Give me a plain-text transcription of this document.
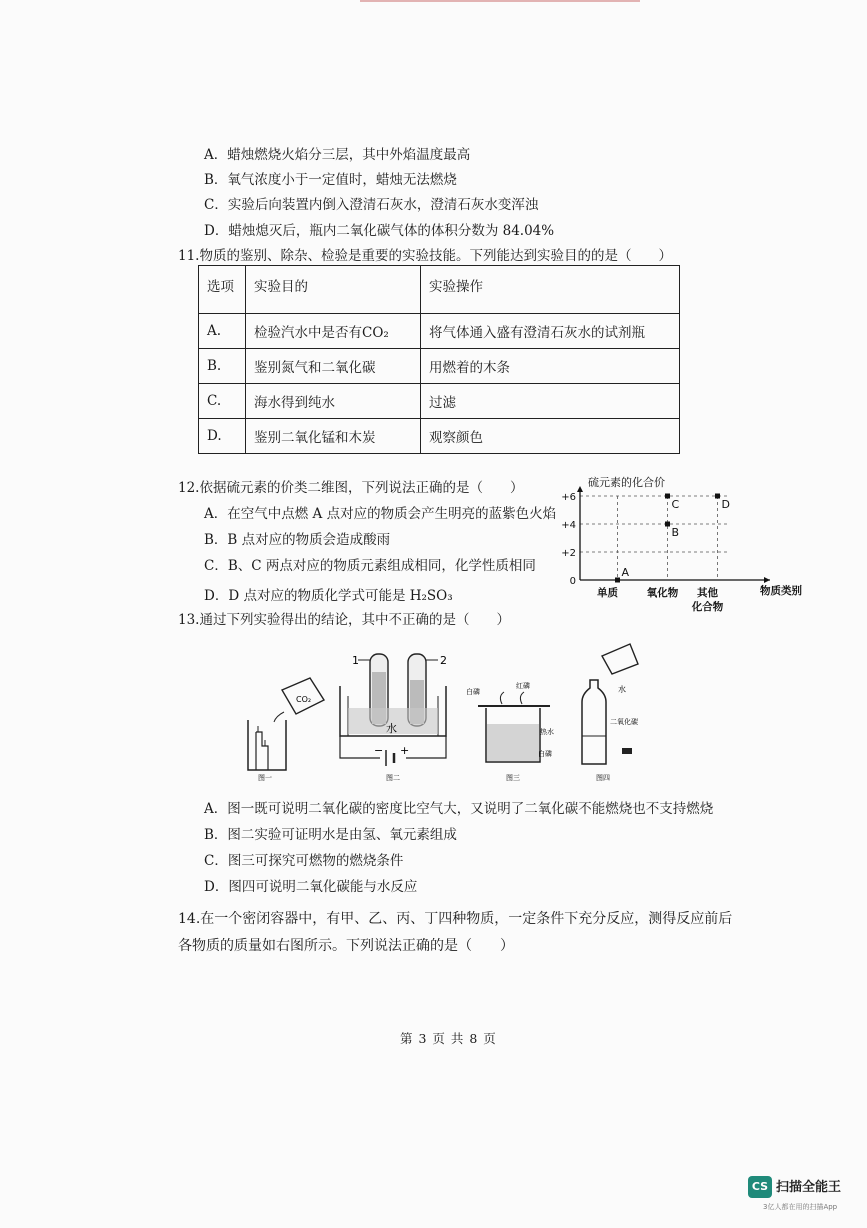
A．蜡烛燃烧火焰分三层，其中外焰温度最高
B．氧气浓度小于一定值时，蜡烛无法燃烧
C．实验后向装置内倒入澄清石灰水，澄清石灰水变浑浊
D．蜡烛熄灭后，瓶内二氧化碳气体的体积分数为 84.04%
11.物质的鉴别、除杂、检验是重要的实验技能。下列能达到实验目的的是（　　）
选项	实验目的	实验操作
A.	检验汽水中是否有CO₂	将气体通入盛有澄清石灰水的试剂瓶
B.	鉴别氮气和二氧化碳	用燃着的木条
C.	海水得到纯水	过滤
D.	鉴别二氧化锰和木炭	观察颜色
12.依据硫元素的价类二维图，下列说法正确的是（　　）
A．在空气中点燃 A 点对应的物质会产生明亮的蓝紫色火焰
B．B 点对应的物质会造成酸雨
C．B、C 两点对应的物质元素组成相同，化学性质相同
D．D 点对应的物质化学式可能是 H₂SO₃
硫元素的化合价
0
+2
+4
+6
单质	氧化物 其他
化合物
物质类别
A
B
C	D
13.通过下列实验得出的结论，其中不正确的是（　　）
CO₂
图一
水
1	2
− +
图二
白磷
红磷
热水
白磷
图三
水
二氧化碳
图四
A．图一既可说明二氧化碳的密度比空气大，又说明了二氧化碳不能燃烧也不支持燃烧
B．图二实验可证明水是由氢、氧元素组成
C．图三可探究可燃物的燃烧条件
D．图四可说明二氧化碳能与水反应
14.在一个密闭容器中，有甲、乙、丙、丁四种物质，一定条件下充分反应，测得反应前后
各物质的质量如右图所示。下列说法正确的是（　　）
第 3 页 共 8 页
CS 扫描全能王
3亿人都在用的扫描App
